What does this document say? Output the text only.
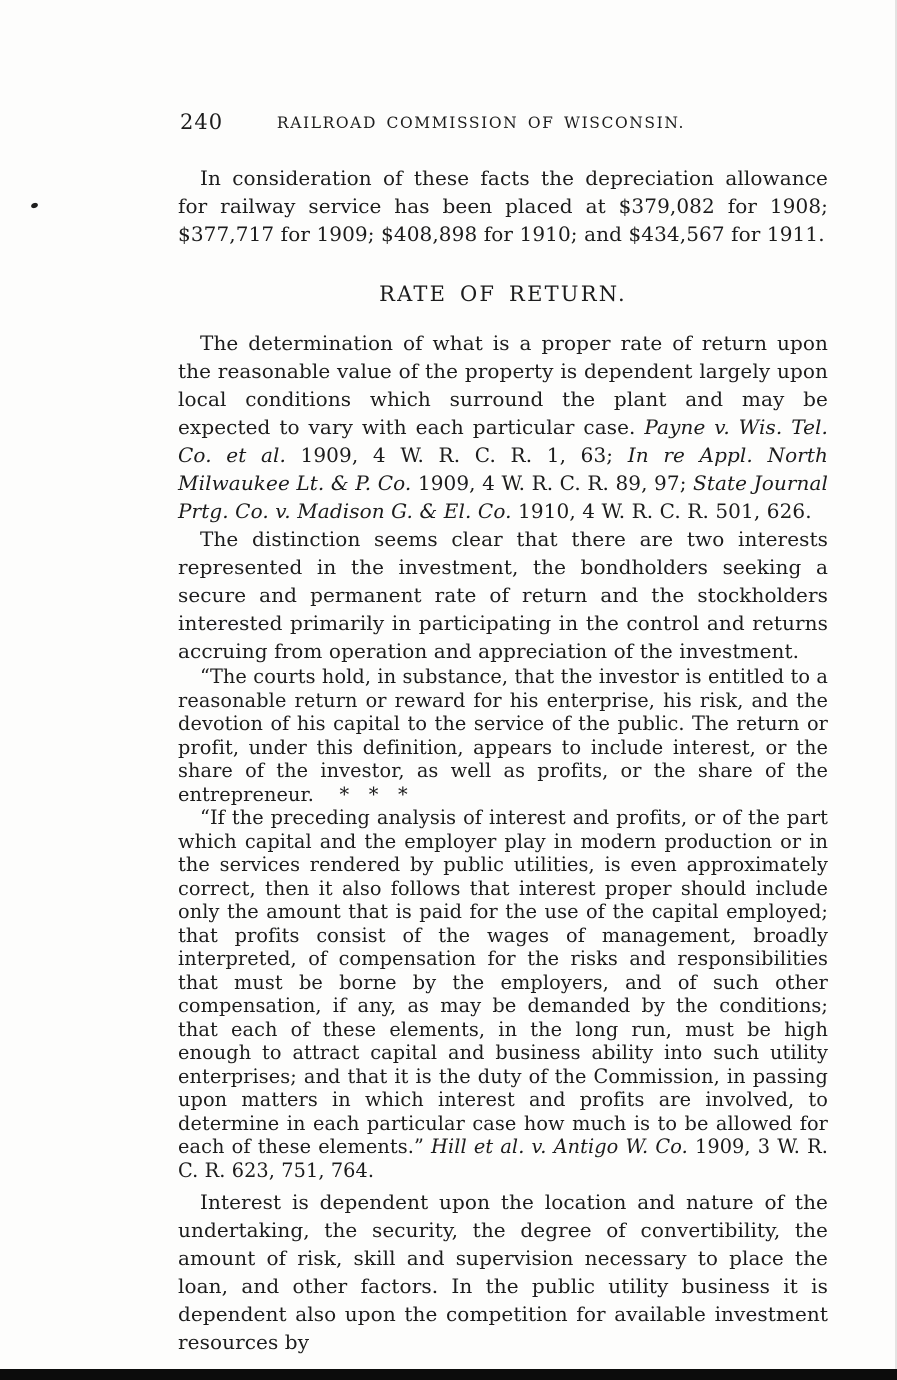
240	RAILROAD COMMISSION OF WISCONSIN.

In consideration of these facts the depreciation allowance for railway service has been placed at $379,082 for 1908; $377,717 for 1909; $408,898 for 1910; and $434,567 for 1911.

RATE OF RETURN.

The determination of what is a proper rate of return upon the reasonable value of the property is dependent largely upon local conditions which surround the plant and may be expected to vary with each particular case. Payne v. Wis. Tel. Co. et al. 1909, 4 W. R. C. R. 1, 63; In re Appl. North Milwaukee Lt. & P. Co. 1909, 4 W. R. C. R. 89, 97; State Journal Prtg. Co. v. Madison G. & El. Co. 1910, 4 W. R. C. R. 501, 626.

The distinction seems clear that there are two interests represented in the investment, the bondholders seeking a secure and permanent rate of return and the stockholders interested primarily in participating in the control and returns accruing from operation and appreciation of the investment.

“The courts hold, in substance, that the investor is entitled to a reasonable return or reward for his enterprise, his risk, and the devotion of his capital to the service of the public. The return or profit, under this definition, appears to include interest, or the share of the investor, as well as profits, or the share of the entrepreneur.  *  *  *

“If the preceding analysis of interest and profits, or of the part which capital and the employer play in modern production or in the services rendered by public utilities, is even approximately correct, then it also follows that interest proper should include only the amount that is paid for the use of the capital employed; that profits consist of the wages of management, broadly interpreted, of compensation for the risks and responsibilities that must be borne by the employers, and of such other compensation, if any, as may be demanded by the conditions; that each of these elements, in the long run, must be high enough to attract capital and business ability into such utility enterprises; and that it is the duty of the Commission, in passing upon matters in which interest and profits are involved, to determine in each particular case how much is to be allowed for each of these elements.” Hill et al. v. Antigo W. Co. 1909, 3 W. R. C. R. 623, 751, 764.

Interest is dependent upon the location and nature of the undertaking, the security, the degree of convertibility, the amount of risk, skill and supervision necessary to place the loan, and other factors. In the public utility business it is dependent also upon the competition for available investment resources by
